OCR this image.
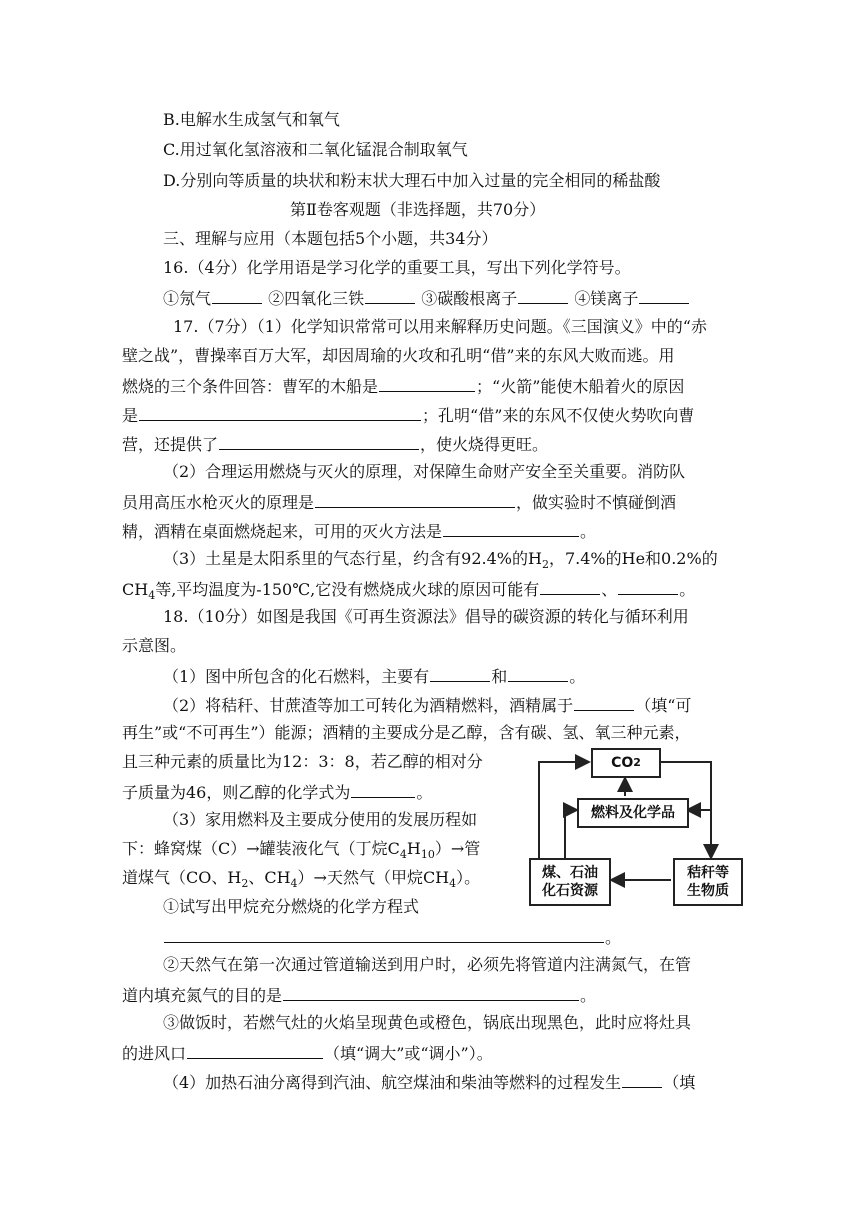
B.电解水生成氢气和氧气
C.用过氧化氢溶液和二氧化锰混合制取氧气
D.分别向等质量的块状和粉末状大理石中加入过量的完全相同的稀盐酸
第Ⅱ卷客观题（非选择题，共70分）
三、理解与应用（本题包括5个小题，共34分）
16.（4分）化学用语是学习化学的重要工具，写出下列化学符号。
①氖气	②四氧化三铁	③碳酸根离子	④镁离子
17.（7分）（1）化学知识常常可以用来解释历史问题。《三国演义》中的“赤
壁之战”，曹操率百万大军，却因周瑜的火攻和孔明“借”来的东风大败而逃。用
燃烧的三个条件回答：曹军的木船是	；“火箭”能使木船着火的原因
是	；孔明“借”来的东风不仅使火势吹向曹
营，还提供了	，使火烧得更旺。
（2）合理运用燃烧与灭火的原理，对保障生命财产安全至关重要。消防队
员用高压水枪灭火的原理是	，做实验时不慎碰倒酒
精，酒精在桌面燃烧起来，可用的灭火方法是	。
（3）土星是太阳系里的气态行星，约含有92.4%的$H_2$，7.4%的He和0.2%的
$CH_4$等,平均温度为-150℃,它没有燃烧成火球的原因可能有	、	。
18.（10分）如图是我国《可再生资源法》倡导的碳资源的转化与循环利用
示意图。
（1）图中所包含的化石燃料，主要有	和	。
（2）将秸秆、甘蔗渣等加工可转化为酒精燃料，酒精属于	（填“可
再生”或“不可再生”）能源；酒精的主要成分是乙醇，含有碳、氢、氧三种元素，
且三种元素的质量比为12：3：8，若乙醇的相对分
子质量为46，则乙醇的化学式为	。
（3）家用燃料及主要成分使用的发展历程如
下：蜂窝煤（C）→罐装液化气（丁烷$C_4H_{10})\to$管
道煤气（CO、$H_2$、$CH_4)\to$天然气（甲烷$CH_4$）。
①试写出甲烷充分燃烧的化学方程式
。
②天然气在第一次通过管道输送到用户时，必须先将管道内注满氮气，在管
道内填充氮气的目的是	。
③做饭时，若燃气灶的火焰呈现黄色或橙色，锅底出现黑色，此时应将灶具
的进风口	（填“调大”或“调小”）。
（4）加热石油分离得到汽油、航空煤油和柴油等燃料的过程发生	（填
CO 2
燃料及化学品
煤、石油
化石资源
秸秆等
生物质
